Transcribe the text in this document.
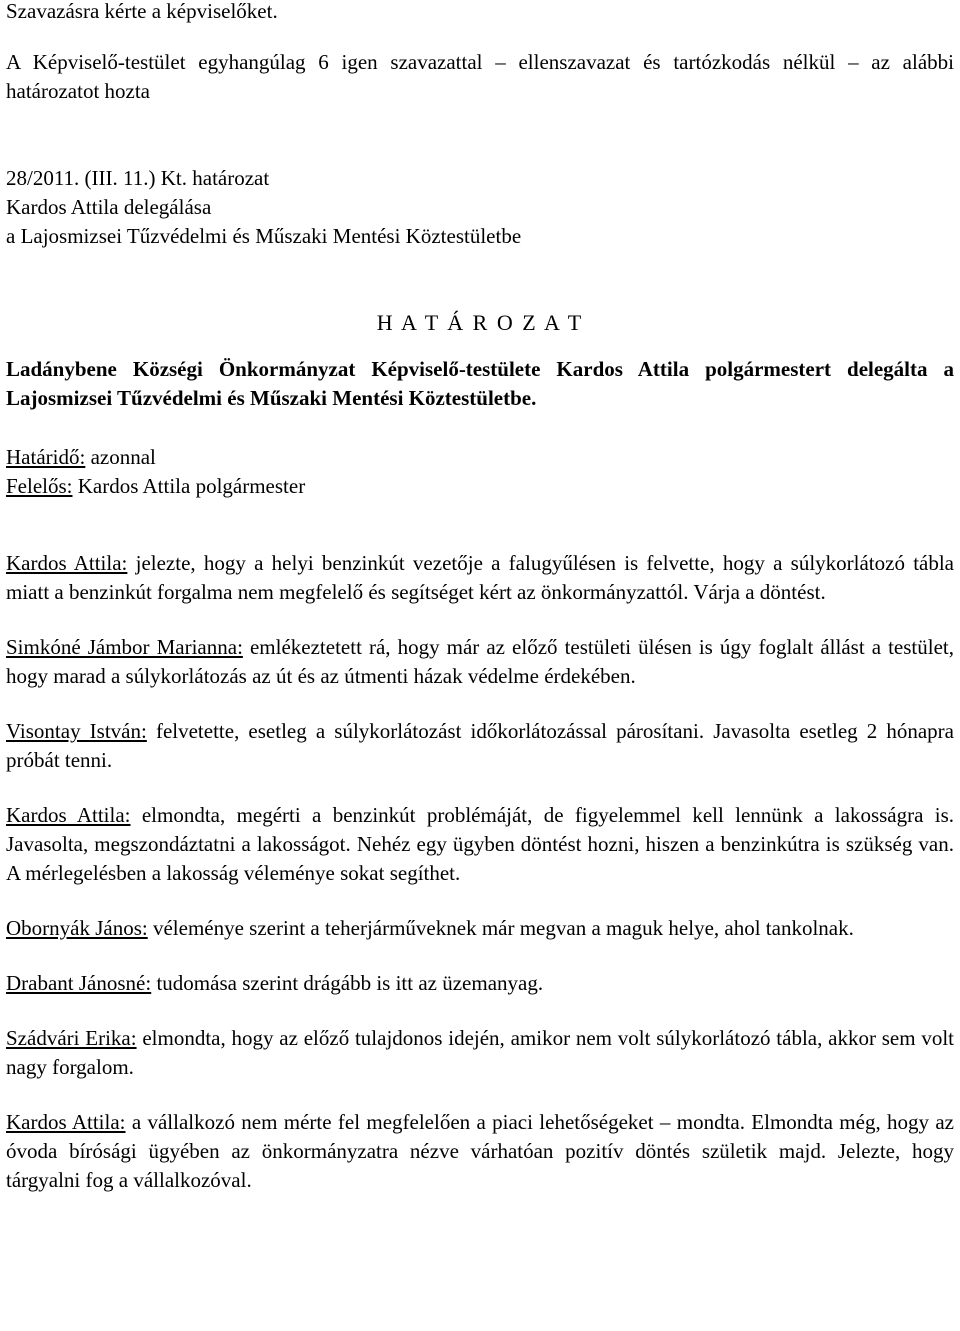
Szavazásra kérte a képviselőket.

A Képviselő-testület egyhangúlag 6 igen szavazattal – ellenszavazat és tartózkodás nélkül – az alábbi határozatot hozta

28/2011. (III. 11.) Kt. határozat

Kardos Attila delegálása

a Lajosmizsei Tűzvédelmi és Műszaki Mentési Köztestületbe

H A T Á R O Z A T

Ladánybene Községi Önkormányzat Képviselő-testülete Kardos Attila polgármestert delegálta a Lajosmizsei Tűzvédelmi és Műszaki Mentési Köztestületbe.

Határidő: azonnal

Felelős: Kardos Attila polgármester

Kardos Attila: jelezte, hogy a helyi benzinkút vezetője a falugyűlésen is felvette, hogy a súlykorlátozó tábla miatt a benzinkút forgalma nem megfelelő és segítséget kért az önkormányzattól. Várja a döntést.

Simkóné Jámbor Marianna: emlékeztetett rá, hogy már az előző testületi ülésen is úgy foglalt állást a testület, hogy marad a súlykorlátozás az út és az útmenti házak védelme érdekében.

Visontay István: felvetette, esetleg a súlykorlátozást időkorlátozással párosítani. Javasolta esetleg 2 hónapra próbát tenni.

Kardos Attila: elmondta, megérti a benzinkút problémáját, de figyelemmel kell lennünk a lakosságra is. Javasolta, megszondáztatni a lakosságot. Nehéz egy ügyben döntést hozni, hiszen a benzinkútra is szükség van. A mérlegelésben a lakosság véleménye sokat segíthet.

Obornyák János: véleménye szerint a teherjárműveknek már megvan a maguk helye, ahol tankolnak.

Drabant Jánosné: tudomása szerint drágább is itt az üzemanyag.

Szádvári Erika: elmondta, hogy az előző tulajdonos idején, amikor nem volt súlykorlátozó tábla, akkor sem volt nagy forgalom.

Kardos Attila: a vállalkozó nem mérte fel megfelelően a piaci lehetőségeket – mondta. Elmondta még, hogy az óvoda bírósági ügyében az önkormányzatra nézve várhatóan pozitív döntés születik majd. Jelezte, hogy tárgyalni fog a vállalkozóval.
